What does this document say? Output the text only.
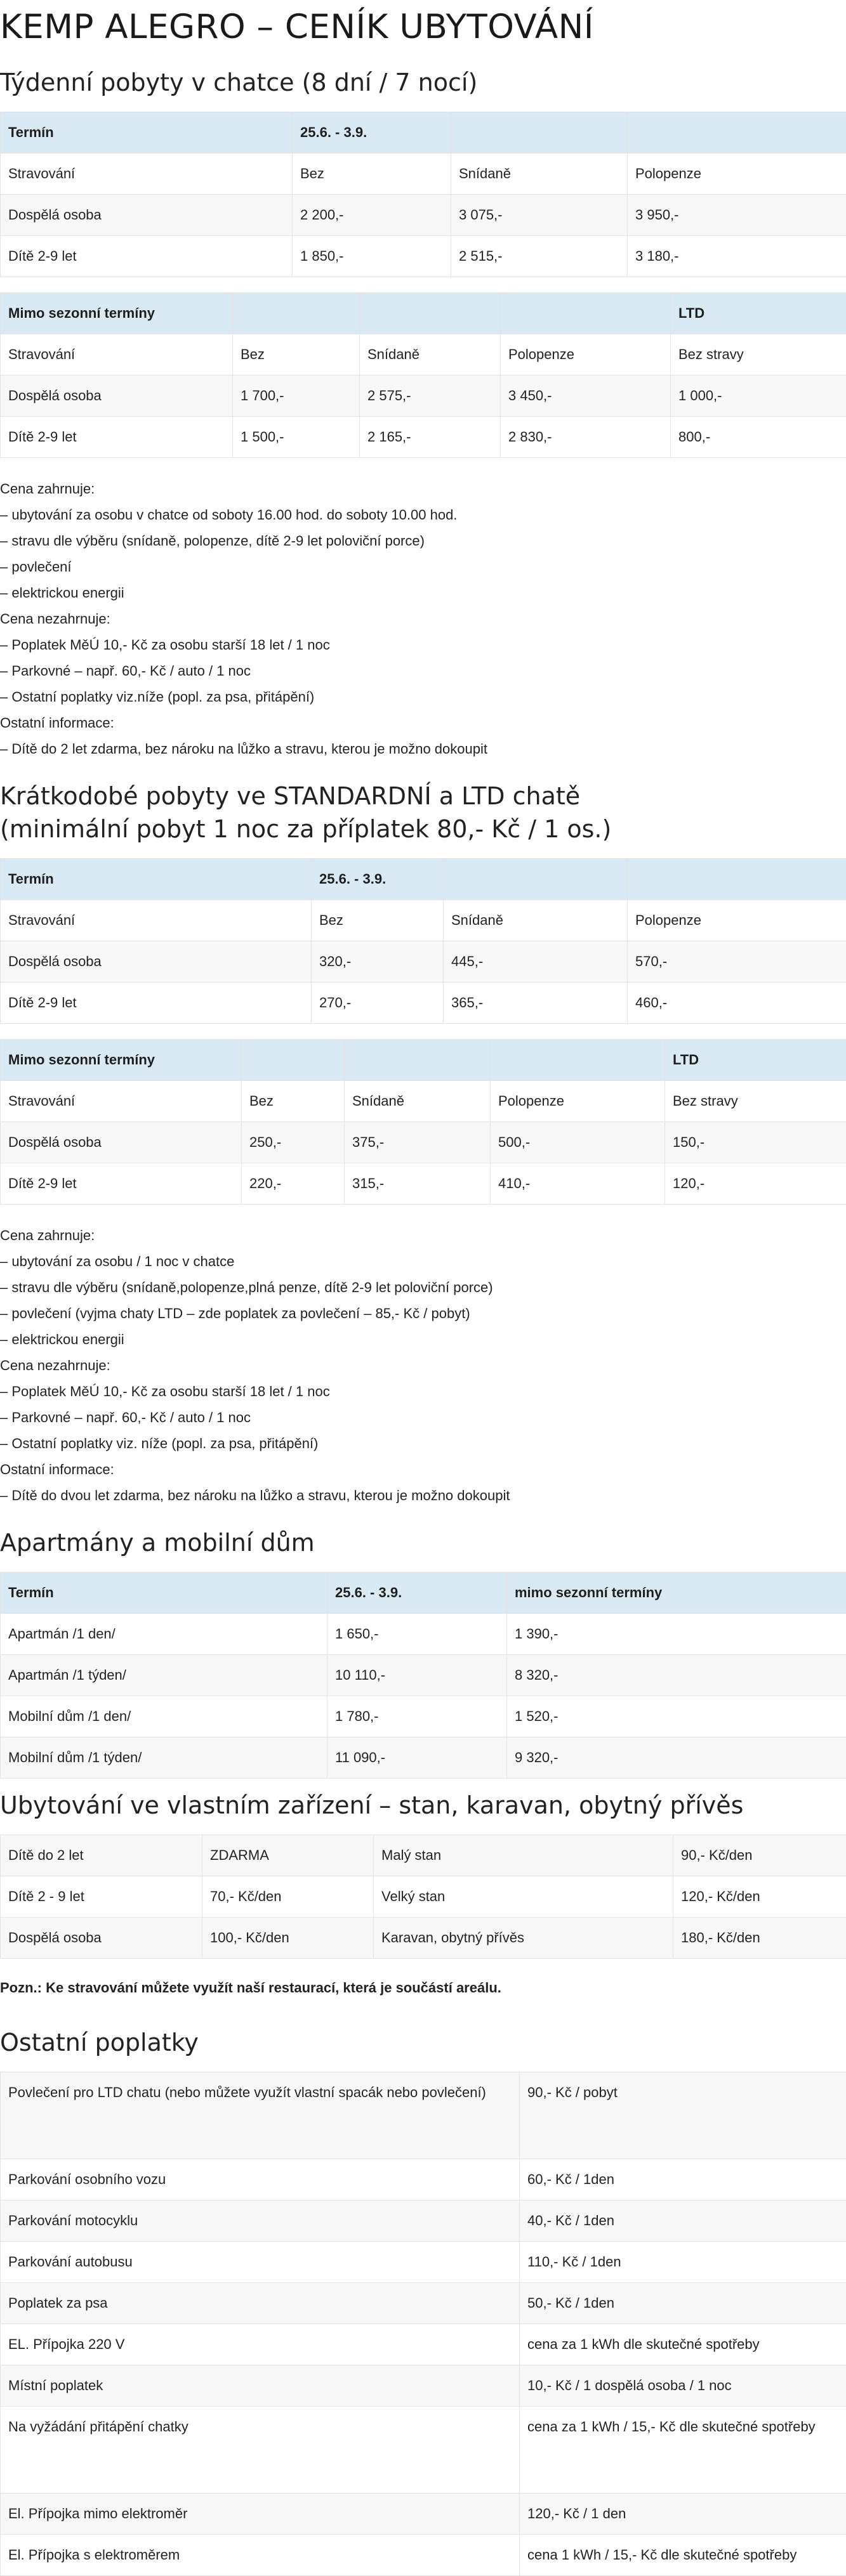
KEMP ALEGRO – CENÍK UBYTOVÁNÍ
Týdenní pobyty v chatce (8 dní / 7 nocí)
Termín	25.6. - 3.9.		
Stravování	Bez	Snídaně	Polopenze
Dospělá osoba	2 200,-	3 075,-	3 950,-
Dítě 2-9 let	1 850,-	2 515,-	3 180,-
Mimo sezonní termíny				LTD
Stravování	Bez	Snídaně	Polopenze	Bez stravy
Dospělá osoba	1 700,-	2 575,-	3 450,-	1 000,-
Dítě 2-9 let	1 500,-	2 165,-	2 830,-	800,-
Cena zahrnuje:
– ubytování za osobu v chatce od soboty 16.00 hod. do soboty 10.00 hod.
– stravu dle výběru (snídaně, polopenze, dítě 2-9 let poloviční porce)
– povlečení
– elektrickou energii
Cena nezahrnuje:
– Poplatek MěÚ 10,- Kč za osobu starší 18 let / 1 noc
– Parkovné – např. 60,- Kč / auto / 1 noc
– Ostatní poplatky viz.níže (popl. za psa, přitápění)
Ostatní informace:
– Dítě do 2 let zdarma, bez nároku na lůžko a stravu, kterou je možno dokoupit
Krátkodobé pobyty ve STANDARDNÍ a LTD chatě
(minimální pobyt 1 noc za příplatek 80,- Kč / 1 os.)
Termín	25.6. - 3.9.		
Stravování	Bez	Snídaně	Polopenze
Dospělá osoba	320,-	445,-	570,-
Dítě 2-9 let	270,-	365,-	460,-
Mimo sezonní termíny				LTD
Stravování	Bez	Snídaně	Polopenze	Bez stravy
Dospělá osoba	250,-	375,-	500,-	150,-
Dítě 2-9 let	220,-	315,-	410,-	120,-
Cena zahrnuje:
– ubytování za osobu / 1 noc v chatce
– stravu dle výběru (snídaně,polopenze,plná penze, dítě 2-9 let poloviční porce)
– povlečení (vyjma chaty LTD – zde poplatek za povlečení – 85,- Kč / pobyt)
– elektrickou energii
Cena nezahrnuje:
– Poplatek MěÚ 10,- Kč za osobu starší 18 let / 1 noc
– Parkovné – např. 60,- Kč / auto / 1 noc
– Ostatní poplatky viz. níže (popl. za psa, přitápění)
Ostatní informace:
– Dítě do dvou let zdarma, bez nároku na lůžko a stravu, kterou je možno dokoupit
Apartmány a mobilní dům
Termín	25.6. - 3.9.	mimo sezonní termíny
Apartmán /1 den/	1 650,-	1 390,-
Apartmán /1 týden/	10 110,-	8 320,-
Mobilní dům /1 den/	1 780,-	1 520,-
Mobilní dům /1 týden/	11 090,-	9 320,-
Ubytování ve vlastním zařízení – stan, karavan, obytný přívěs
Dítě do 2 let	ZDARMA	Malý stan	90,- Kč/den
Dítě 2 - 9 let	70,- Kč/den	Velký stan	120,- Kč/den
Dospělá osoba	100,- Kč/den	Karavan, obytný přívěs	180,- Kč/den
Pozn.: Ke stravování můžete využít naší restaurací, která je součástí areálu.
Ostatní poplatky
Povlečení pro LTD chatu (nebo můžete využít vlastní spacák nebo povlečení)	90,- Kč / pobyt
Parkování osobního vozu	60,- Kč / 1den
Parkování motocyklu	40,- Kč / 1den
Parkování autobusu	110,- Kč / 1den
Poplatek za psa	50,- Kč / 1den
EL. Přípojka 220 V	cena za 1 kWh dle skutečné spotřeby
Místní poplatek	10,- Kč / 1 dospělá osoba / 1 noc
Na vyžádání přitápění chatky	cena za 1 kWh / 15,- Kč dle skutečné spotřeby
El. Přípojka mimo elektroměr	120,- Kč / 1 den
El. Přípojka s elektroměrem	cena 1 kWh / 15,- Kč dle skutečné spotřeby
